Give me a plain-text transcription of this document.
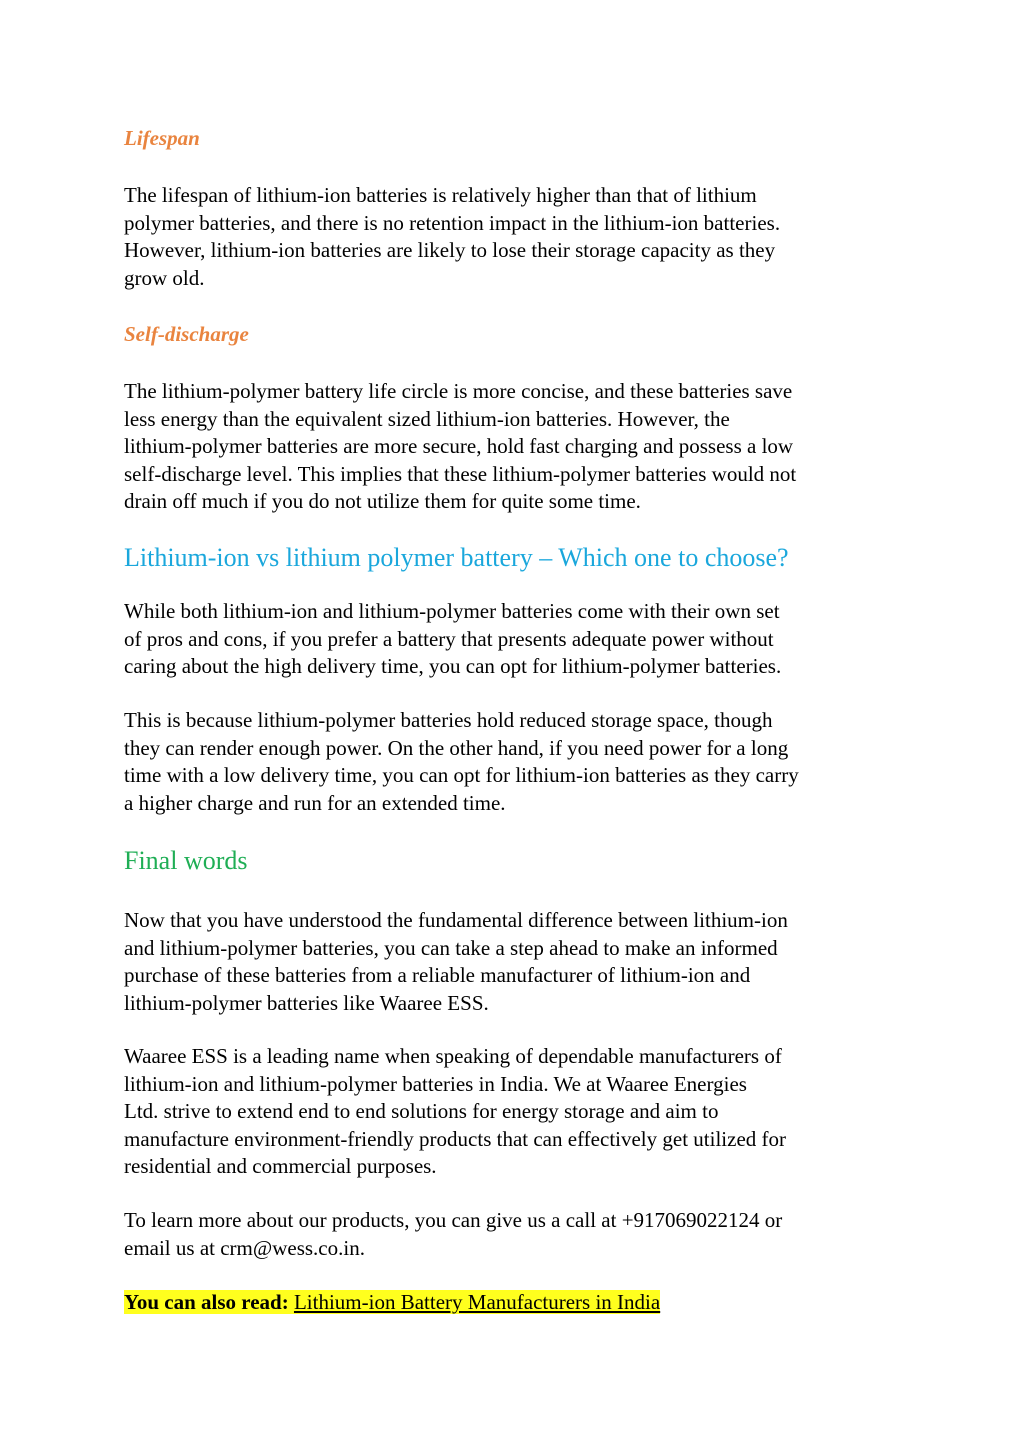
Lifespan

The lifespan of lithium-ion batteries is relatively higher than that of lithium
polymer batteries, and there is no retention impact in the lithium-ion batteries.
However, lithium-ion batteries are likely to lose their storage capacity as they
grow old.

Self-discharge

The lithium-polymer battery life circle is more concise, and these batteries save
less energy than the equivalent sized lithium-ion batteries. However, the
lithium-polymer batteries are more secure, hold fast charging and possess a low
self-discharge level. This implies that these lithium-polymer batteries would not
drain off much if you do not utilize them for quite some time.

Lithium-ion vs lithium polymer battery – Which one to choose?

While both lithium-ion and lithium-polymer batteries come with their own set
of pros and cons, if you prefer a battery that presents adequate power without
caring about the high delivery time, you can opt for lithium-polymer batteries.

This is because lithium-polymer batteries hold reduced storage space, though
they can render enough power. On the other hand, if you need power for a long
time with a low delivery time, you can opt for lithium-ion batteries as they carry
a higher charge and run for an extended time.

Final words

Now that you have understood the fundamental difference between lithium-ion
and lithium-polymer batteries, you can take a step ahead to make an informed
purchase of these batteries from a reliable manufacturer of lithium-ion and
lithium-polymer batteries like Waaree ESS.

Waaree ESS is a leading name when speaking of dependable manufacturers of
lithium-ion and lithium-polymer batteries in India. We at Waaree Energies
Ltd. strive to extend end to end solutions for energy storage and aim to
manufacture environment-friendly products that can effectively get utilized for
residential and commercial purposes.

To learn more about our products, you can give us a call at +917069022124 or
email us at crm@wess.co.in.

You can also read: Lithium-ion Battery Manufacturers in India
